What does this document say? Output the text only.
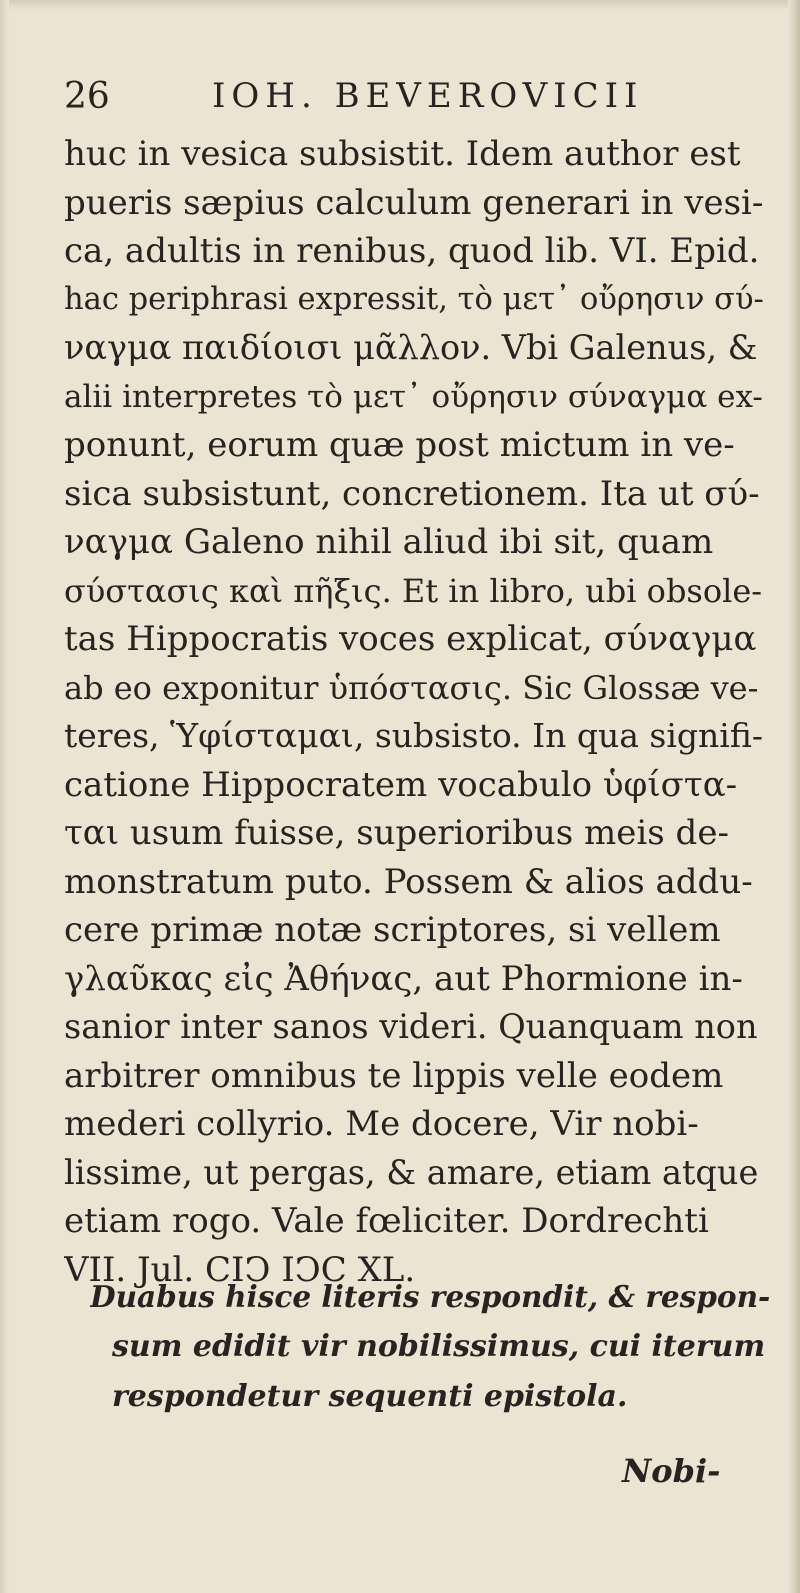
26	IOH. BEVEROVICII
huc in vesica subsistit. Idem author est
pueris sæpius calculum generari in vesi-
ca, adultis in renibus, quod lib. VI. Epid.
hac periphrasi expressit, τὸ μετ᾽ οὔρησιν σύ-
ναγμα παιδίοισι μᾶλλον. Vbi Galenus, &
alii interpretes τὸ μετ᾽ οὔρησιν σύναγμα ex-
ponunt, eorum quæ post mictum in ve-
sica subsistunt, concretionem. Ita ut σύ-
ναγμα Galeno nihil aliud ibi sit, quam
σύστασις καὶ πῆξις. Et in libro, ubi obsole-
tas Hippocratis voces explicat, σύναγμα
ab eo exponitur ὑπόστασις. Sic Glossæ ve-
teres, Ὑφίσταμαι, subsisto. In qua signifi-
catione Hippocratem vocabulo ὑφίστα-
ται usum fuisse, superioribus meis de-
monstratum puto. Possem & alios addu-
cere primæ notæ scriptores, si vellem
γλαῦκας εἰς Ἀθήνας, aut Phormione in-
sanior inter sanos videri. Quanquam non
arbitrer omnibus te lippis velle eodem
mederi collyrio. Me docere, Vir nobi-
lissime, ut pergas, & amare, etiam atque
etiam rogo. Vale fœliciter. Dordrechti
VII. Jul. CIↃ IↃC XL.
Duabus hisce literis respondit, & respon-
sum edidit vir nobilissimus, cui iterum
respondetur sequenti epistola.
Nobi-
